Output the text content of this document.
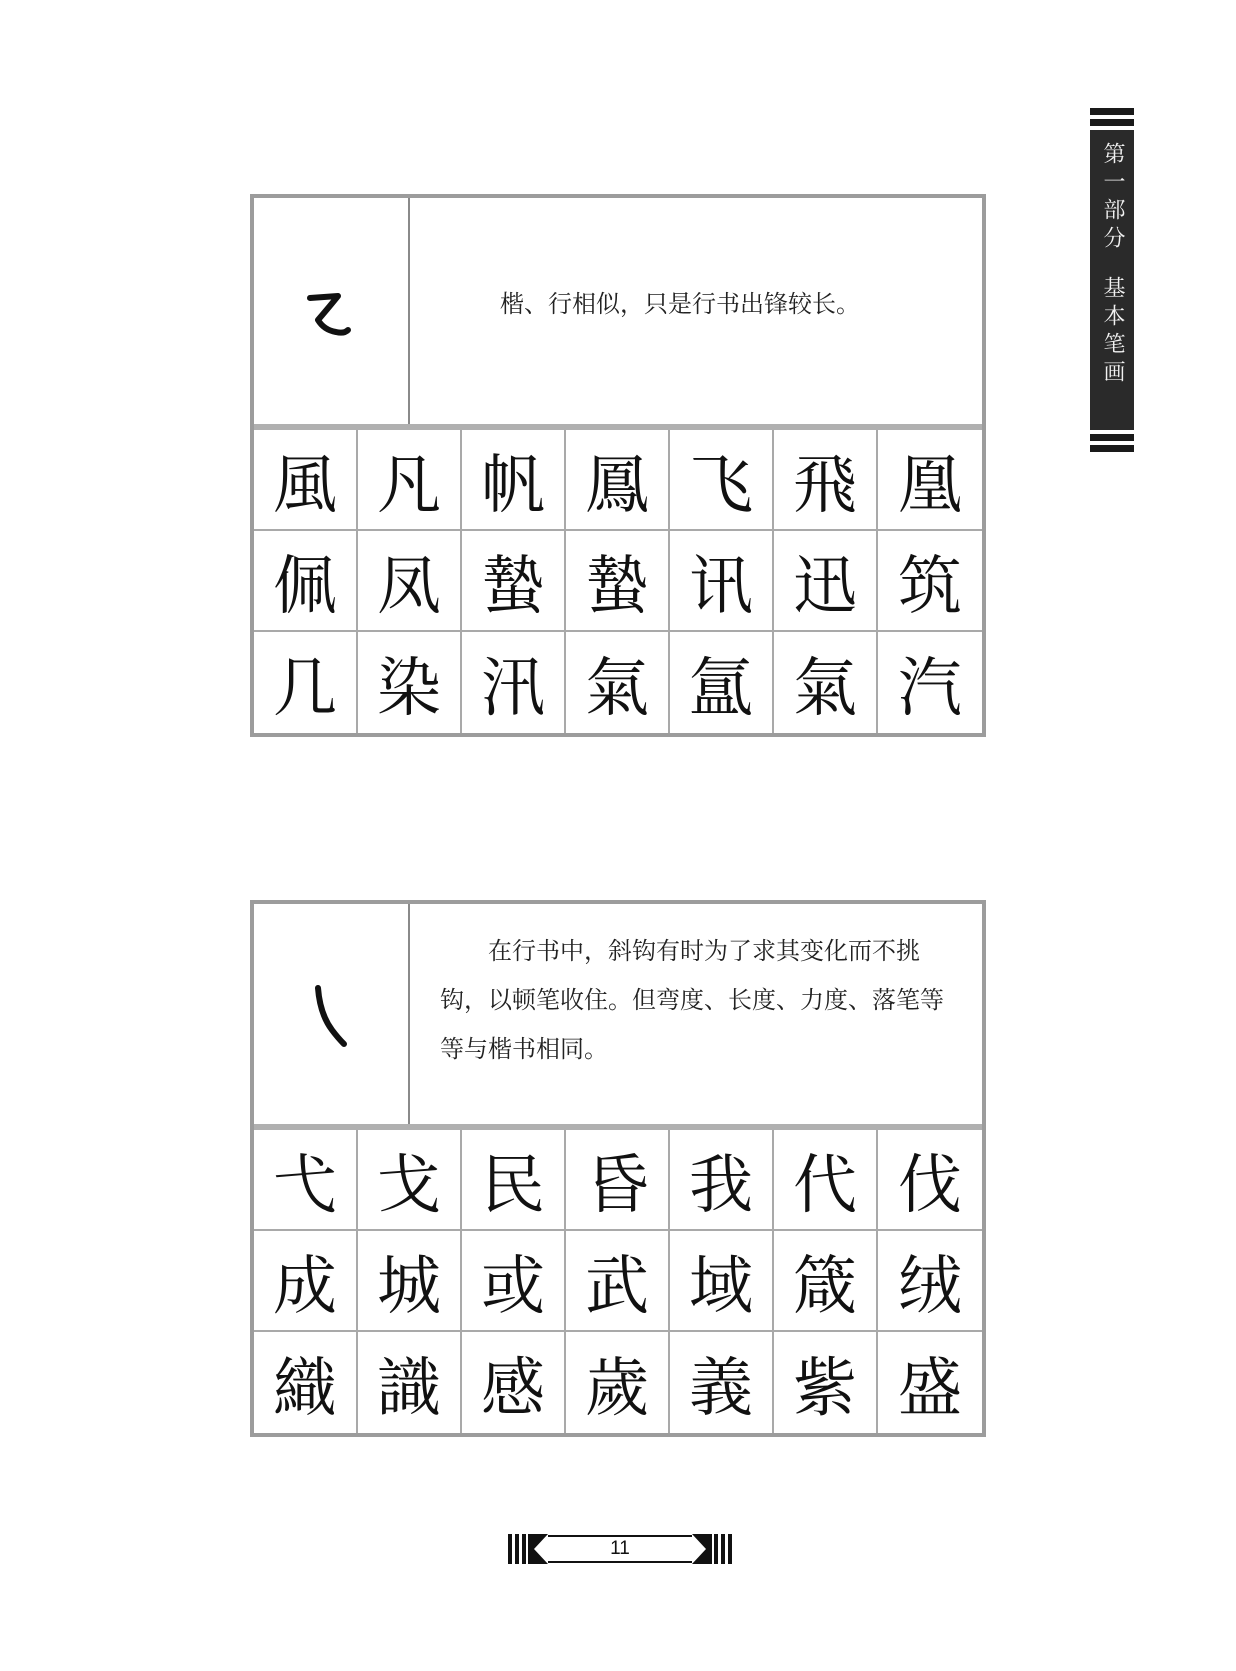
第一部分
基本笔画

楷、行相似，只是行书出锋较长。

風 凡 帆 鳳 飞 飛 凰
佩 凤 蟄 蟄 讯 迅 筑
几 染 汛 氣 氲 氣 汽

在行书中，斜钩有时为了求其变化而不挑钩，以顿笔收住。但弯度、长度、力度、落笔等等与楷书相同。

弋 戈 民 昏 我 代 伐
成 城 或 武 域 箴 绒
織 識 感 歲 義 紫 盛
11
